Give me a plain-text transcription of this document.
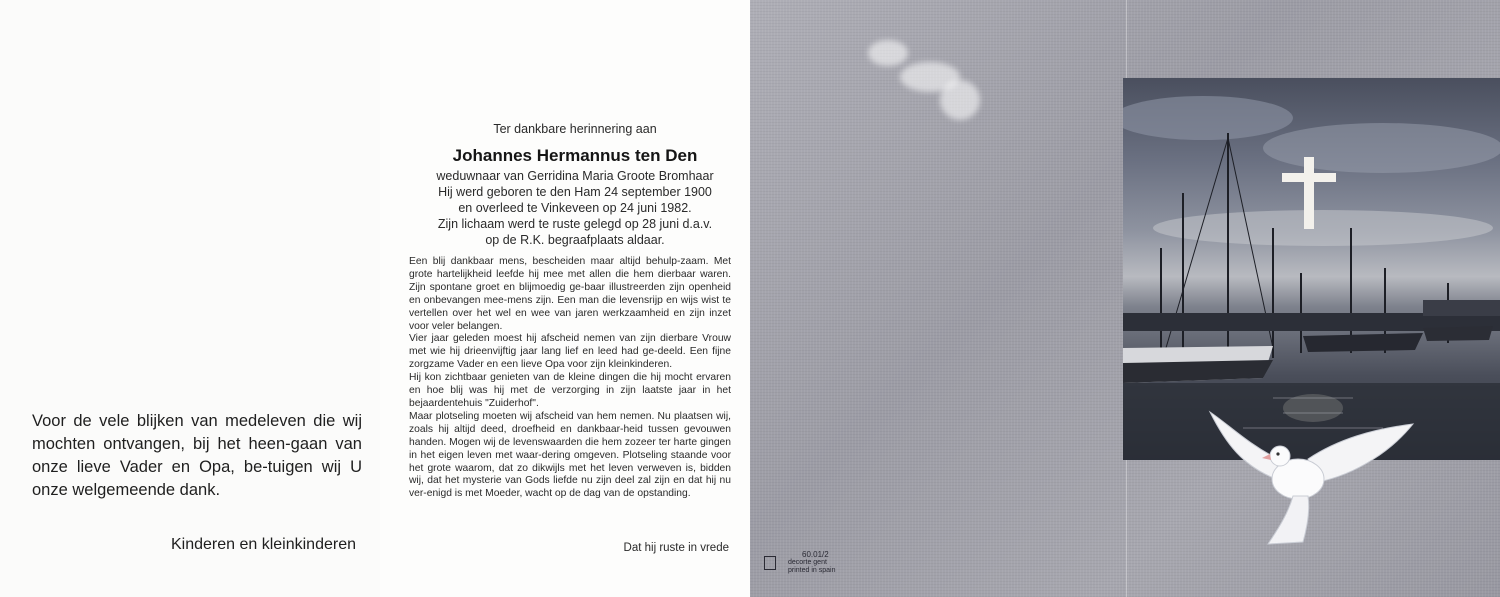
Voor de vele blijken van medeleven die wij mochten ontvangen, bij het heen-gaan van onze lieve Vader en Opa, be-tuigen wij U onze welgemeende dank.

Kinderen en kleinkinderen

Ter dankbare herinnering aan

Johannes Hermannus ten Den

weduwnaar van Gerridina Maria Groote Bromhaar
Hij werd geboren te den Ham 24 september 1900
en overleed te Vinkeveen op 24 juni 1982.
Zijn lichaam werd te ruste gelegd op 28 juni d.a.v.
op de R.K. begraafplaats aldaar.

Een blij dankbaar mens, bescheiden maar altijd behulp-zaam. Met grote hartelijkheid leefde hij mee met allen die hem dierbaar waren. Zijn spontane groet en blijmoedig ge-baar illustreerden zijn openheid en onbevangen mee-mens zijn. Een man die levensrijp en wijs wist te vertellen over het wel en wee van jaren werkzaamheid en zijn inzet voor veler belangen.

Vier jaar geleden moest hij afscheid nemen van zijn dierbare Vrouw met wie hij drieenvijftig jaar lang lief en leed had ge-deeld. Een fijne zorgzame Vader en een lieve Opa voor zijn kleinkinderen.

Hij kon zichtbaar genieten van de kleine dingen die hij mocht ervaren en hoe blij was hij met de verzorging in zijn laatste jaar in het bejaardentehuis "Zuiderhof".

Maar plotseling moeten wij afscheid van hem nemen. Nu plaatsen wij, zoals hij altijd deed, droefheid en dankbaar-heid tussen gevouwen handen. Mogen wij de levenswaarden die hem zozeer ter harte gingen in het eigen leven met waar-dering omgeven. Plotseling staande voor het grote waarom, dat zo dikwijls met het leven verweven is, bidden wij, dat het mysterie van Gods liefde nu zijn deel zal zijn en dat hij nu ver-enigd is met Moeder, wacht op de dag van de opstanding.

Dat hij ruste in vrede

60.01/2
decorte gent
printed in spain
